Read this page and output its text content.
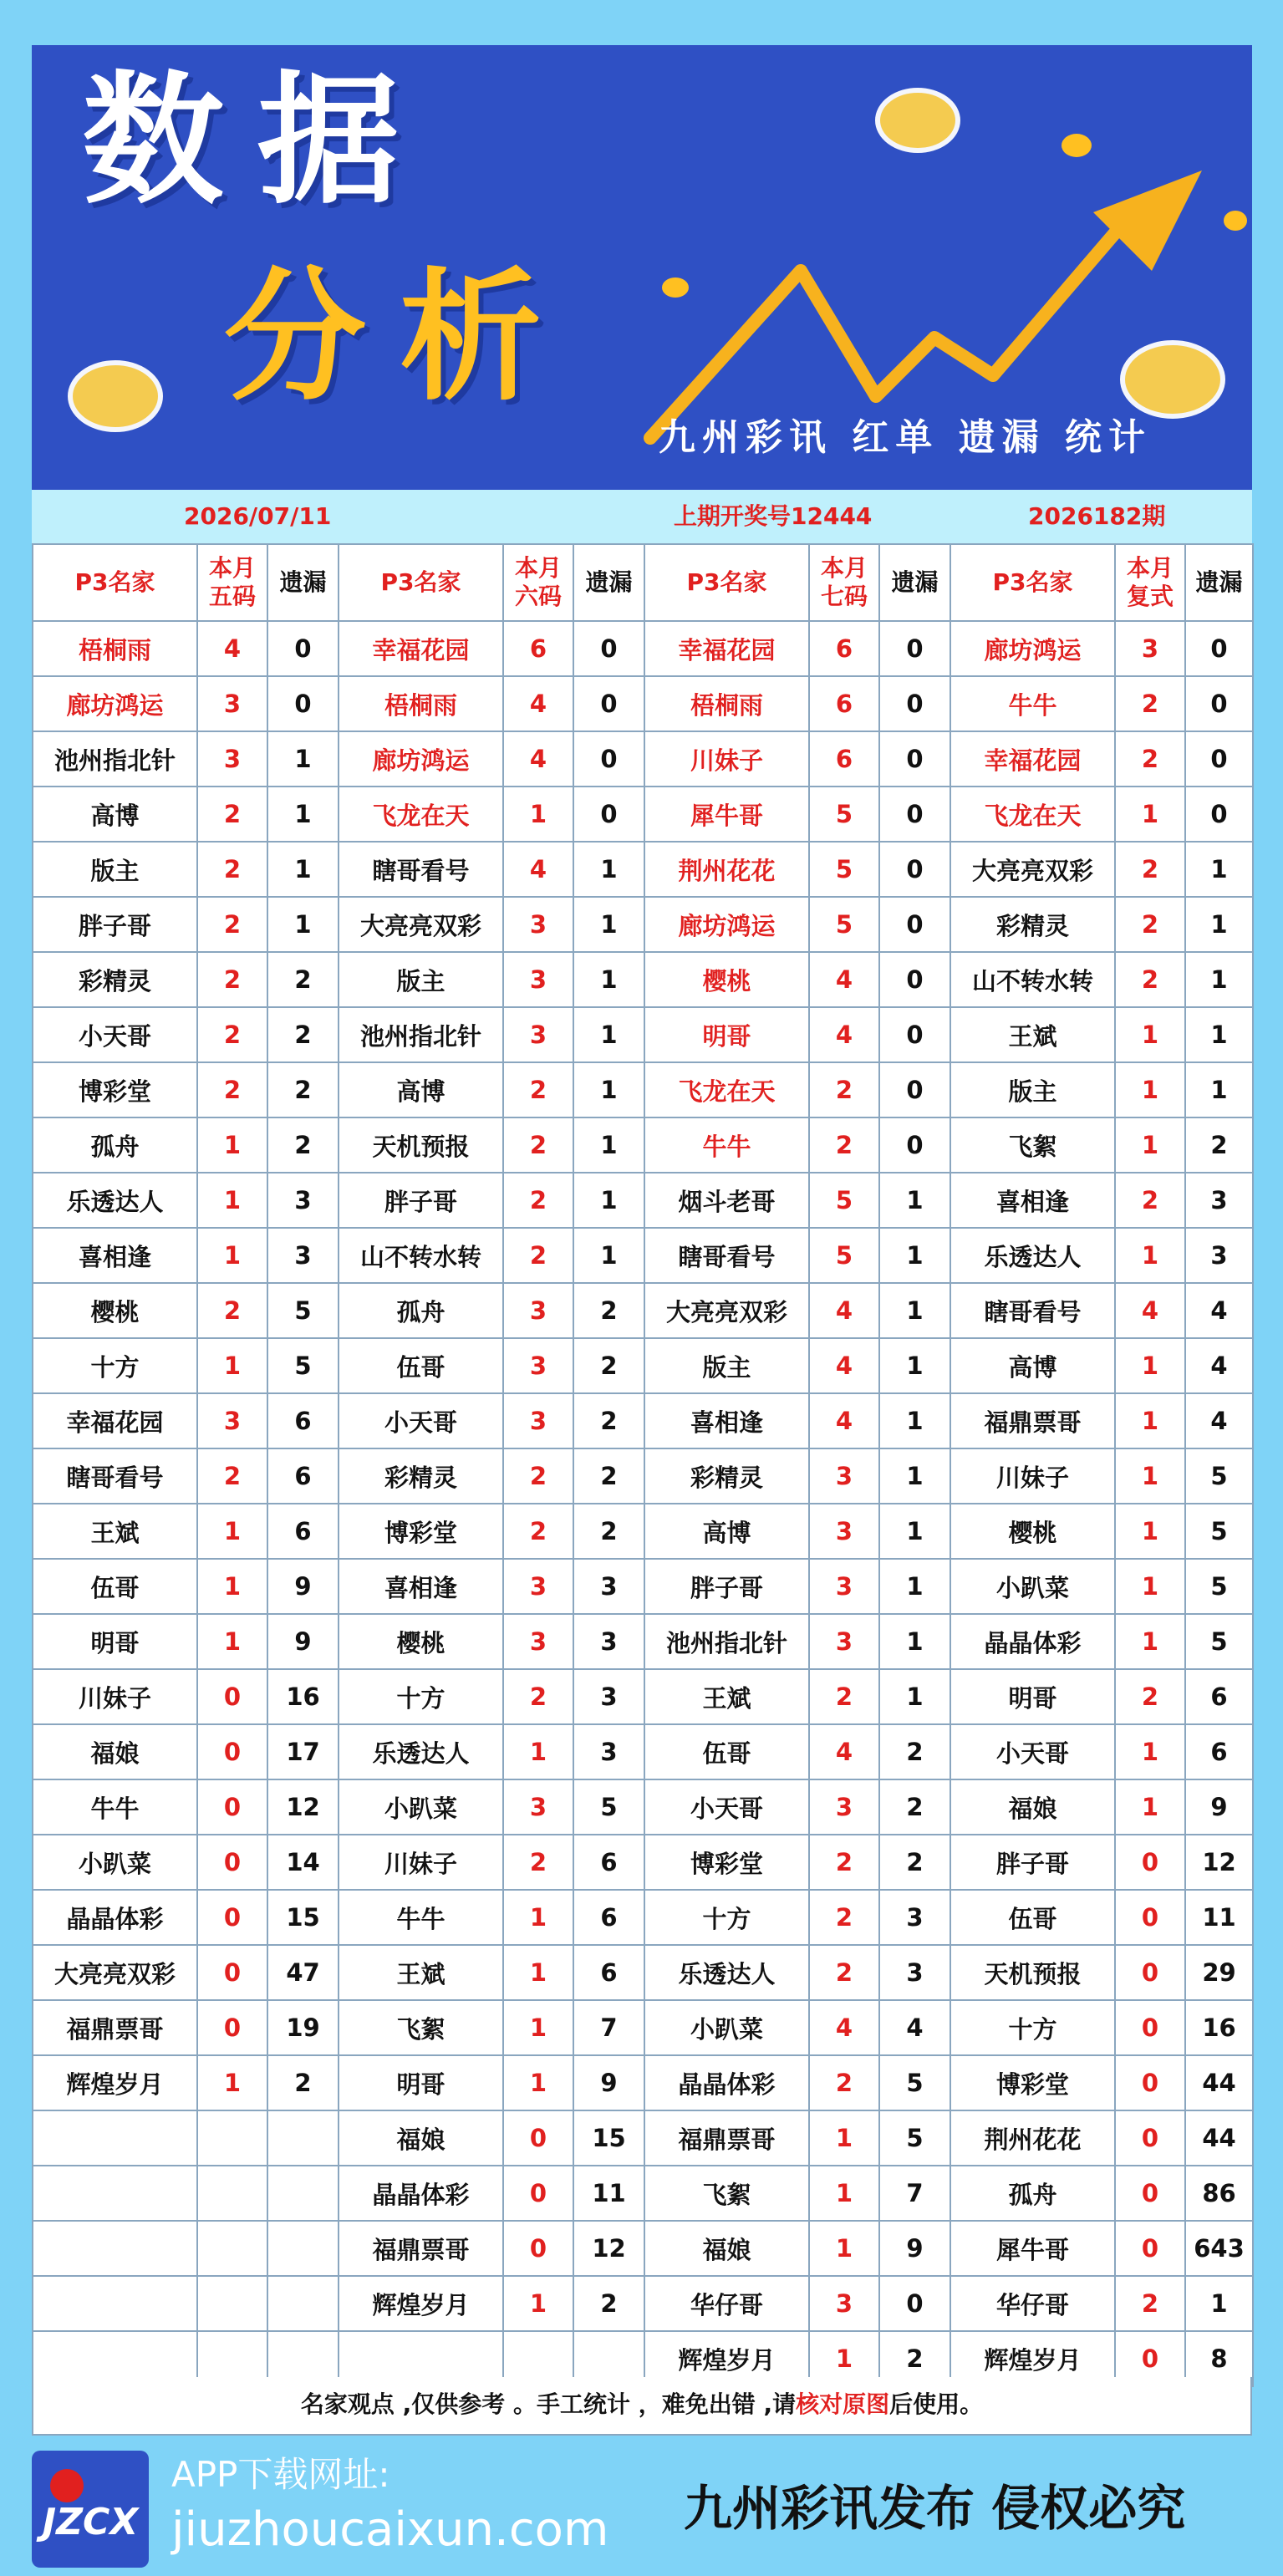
数据
分析
九州彩讯 红单 遗漏 统计
2026/07/11	上期开奖号12444	2026182期
P3名家	本月五码	遗漏	P3名家	本月六码	遗漏	P3名家	本月七码	遗漏	P3名家	本月复式	遗漏
梧桐雨	4	0	幸福花园	6	0	幸福花园	6	0	廊坊鸿运	3	0
廊坊鸿运	3	0	梧桐雨	4	0	梧桐雨	6	0	牛牛	2	0
池州指北针	3	1	廊坊鸿运	4	0	川妹子	6	0	幸福花园	2	0
高博	2	1	飞龙在天	1	0	犀牛哥	5	0	飞龙在天	1	0
版主	2	1	瞎哥看号	4	1	荆州花花	5	0	大亮亮双彩	2	1
胖子哥	2	1	大亮亮双彩	3	1	廊坊鸿运	5	0	彩精灵	2	1
彩精灵	2	2	版主	3	1	樱桃	4	0	山不转水转	2	1
小天哥	2	2	池州指北针	3	1	明哥	4	0	王斌	1	1
博彩堂	2	2	高博	2	1	飞龙在天	2	0	版主	1	1
孤舟	1	2	天机预报	2	1	牛牛	2	0	飞絮	1	2
乐透达人	1	3	胖子哥	2	1	烟斗老哥	5	1	喜相逢	2	3
喜相逢	1	3	山不转水转	2	1	瞎哥看号	5	1	乐透达人	1	3
樱桃	2	5	孤舟	3	2	大亮亮双彩	4	1	瞎哥看号	4	4
十方	1	5	伍哥	3	2	版主	4	1	高博	1	4
幸福花园	3	6	小天哥	3	2	喜相逢	4	1	福鼎票哥	1	4
瞎哥看号	2	6	彩精灵	2	2	彩精灵	3	1	川妹子	1	5
王斌	1	6	博彩堂	2	2	高博	3	1	樱桃	1	5
伍哥	1	9	喜相逢	3	3	胖子哥	3	1	小趴菜	1	5
明哥	1	9	樱桃	3	3	池州指北针	3	1	晶晶体彩	1	5
川妹子	0	16	十方	2	3	王斌	2	1	明哥	2	6
福娘	0	17	乐透达人	1	3	伍哥	4	2	小天哥	1	6
牛牛	0	12	小趴菜	3	5	小天哥	3	2	福娘	1	9
小趴菜	0	14	川妹子	2	6	博彩堂	2	2	胖子哥	0	12
晶晶体彩	0	15	牛牛	1	6	十方	2	3	伍哥	0	11
大亮亮双彩	0	47	王斌	1	6	乐透达人	2	3	天机预报	0	29
福鼎票哥	0	19	飞絮	1	7	小趴菜	4	4	十方	0	16
辉煌岁月	1	2	明哥	1	9	晶晶体彩	2	5	博彩堂	0	44
			福娘	0	15	福鼎票哥	1	5	荆州花花	0	44
			晶晶体彩	0	11	飞絮	1	7	孤舟	0	86
			福鼎票哥	0	12	福娘	1	9	犀牛哥	0	643
			辉煌岁月	1	2	华仔哥	3	0	华仔哥	2	1
						辉煌岁月	1	2	辉煌岁月	0	8
名家观点 ,仅供参考 。手工统计 ，难免出错 ,请核对原图后使用。
JZCX
APP下载网址:
jiuzhoucaixun.com 九州彩讯发布 侵权必究
